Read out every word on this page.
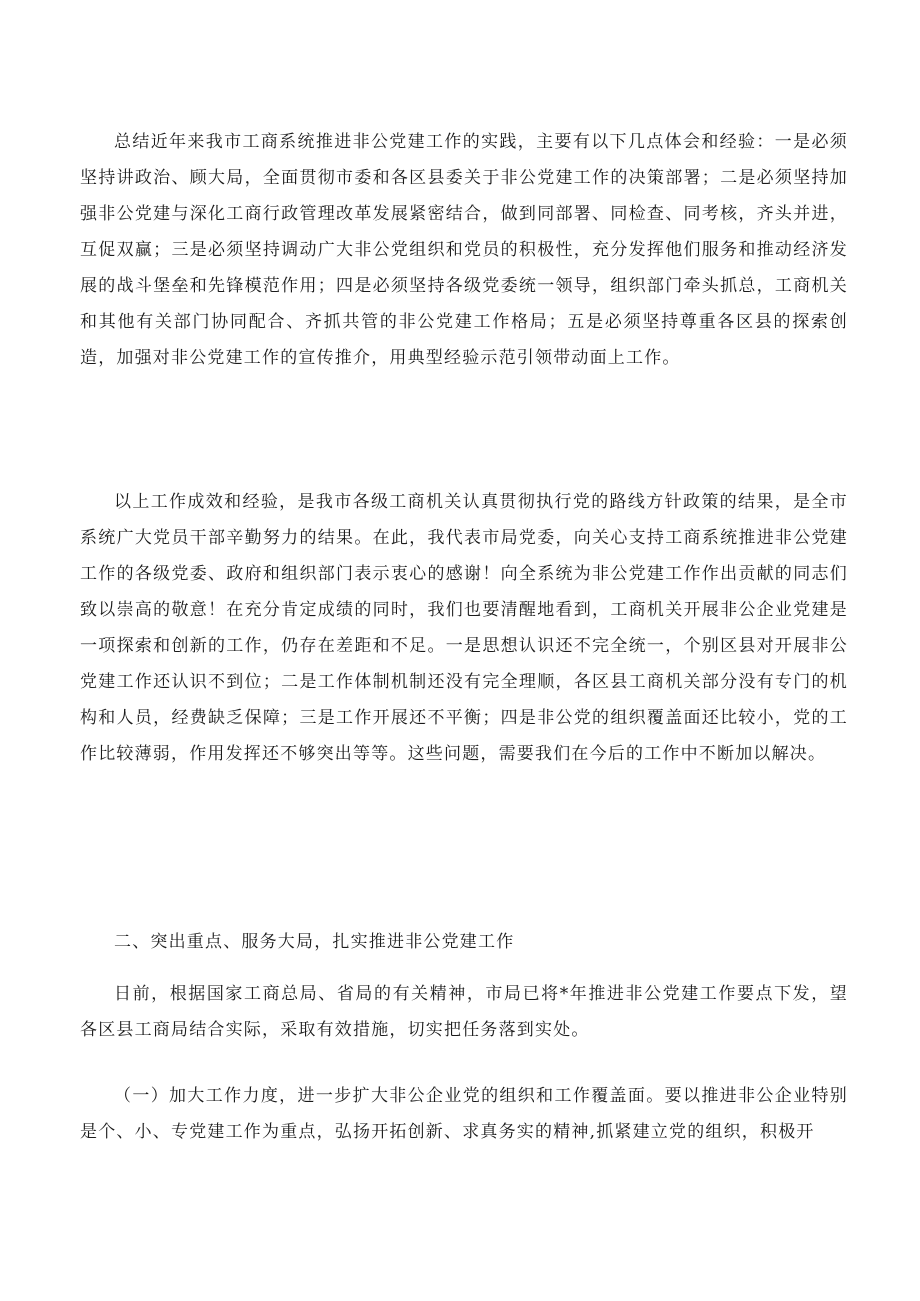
总结近年来我市工商系统推进非公党建工作的实践，主要有以下几点体会和经验：一是必须坚持讲政治、顾大局，全面贯彻市委和各区县委关于非公党建工作的决策部署；二是必须坚持加强非公党建与深化工商行政管理改革发展紧密结合，做到同部署、同检查、同考核，齐头并进，互促双赢；三是必须坚持调动广大非公党组织和党员的积极性，充分发挥他们服务和推动经济发展的战斗堡垒和先锋模范作用；四是必须坚持各级党委统一领导，组织部门牵头抓总，工商机关和其他有关部门协同配合、齐抓共管的非公党建工作格局；五是必须坚持尊重各区县的探索创造，加强对非公党建工作的宣传推介，用典型经验示范引领带动面上工作。

以上工作成效和经验，是我市各级工商机关认真贯彻执行党的路线方针政策的结果，是全市系统广大党员干部辛勤努力的结果。在此，我代表市局党委，向关心支持工商系统推进非公党建工作的各级党委、政府和组织部门表示衷心的感谢！向全系统为非公党建工作作出贡献的同志们致以崇高的敬意！在充分肯定成绩的同时，我们也要清醒地看到，工商机关开展非公企业党建是一项探索和创新的工作，仍存在差距和不足。一是思想认识还不完全统一，个别区县对开展非公党建工作还认识不到位；二是工作体制机制还没有完全理顺，各区县工商机关部分没有专门的机构和人员，经费缺乏保障；三是工作开展还不平衡；四是非公党的组织覆盖面还比较小，党的工作比较薄弱，作用发挥还不够突出等等。这些问题，需要我们在今后的工作中不断加以解决。

二、突出重点、服务大局，扎实推进非公党建工作

日前，根据国家工商总局、省局的有关精神，市局已将*年推进非公党建工作要点下发，望各区县工商局结合实际，采取有效措施，切实把任务落到实处。

（一）加大工作力度，进一步扩大非公企业党的组织和工作覆盖面。要以推进非公企业特别是个、小、专党建工作为重点，弘扬开拓创新、求真务实的精神,抓紧建立党的组织，积极开
